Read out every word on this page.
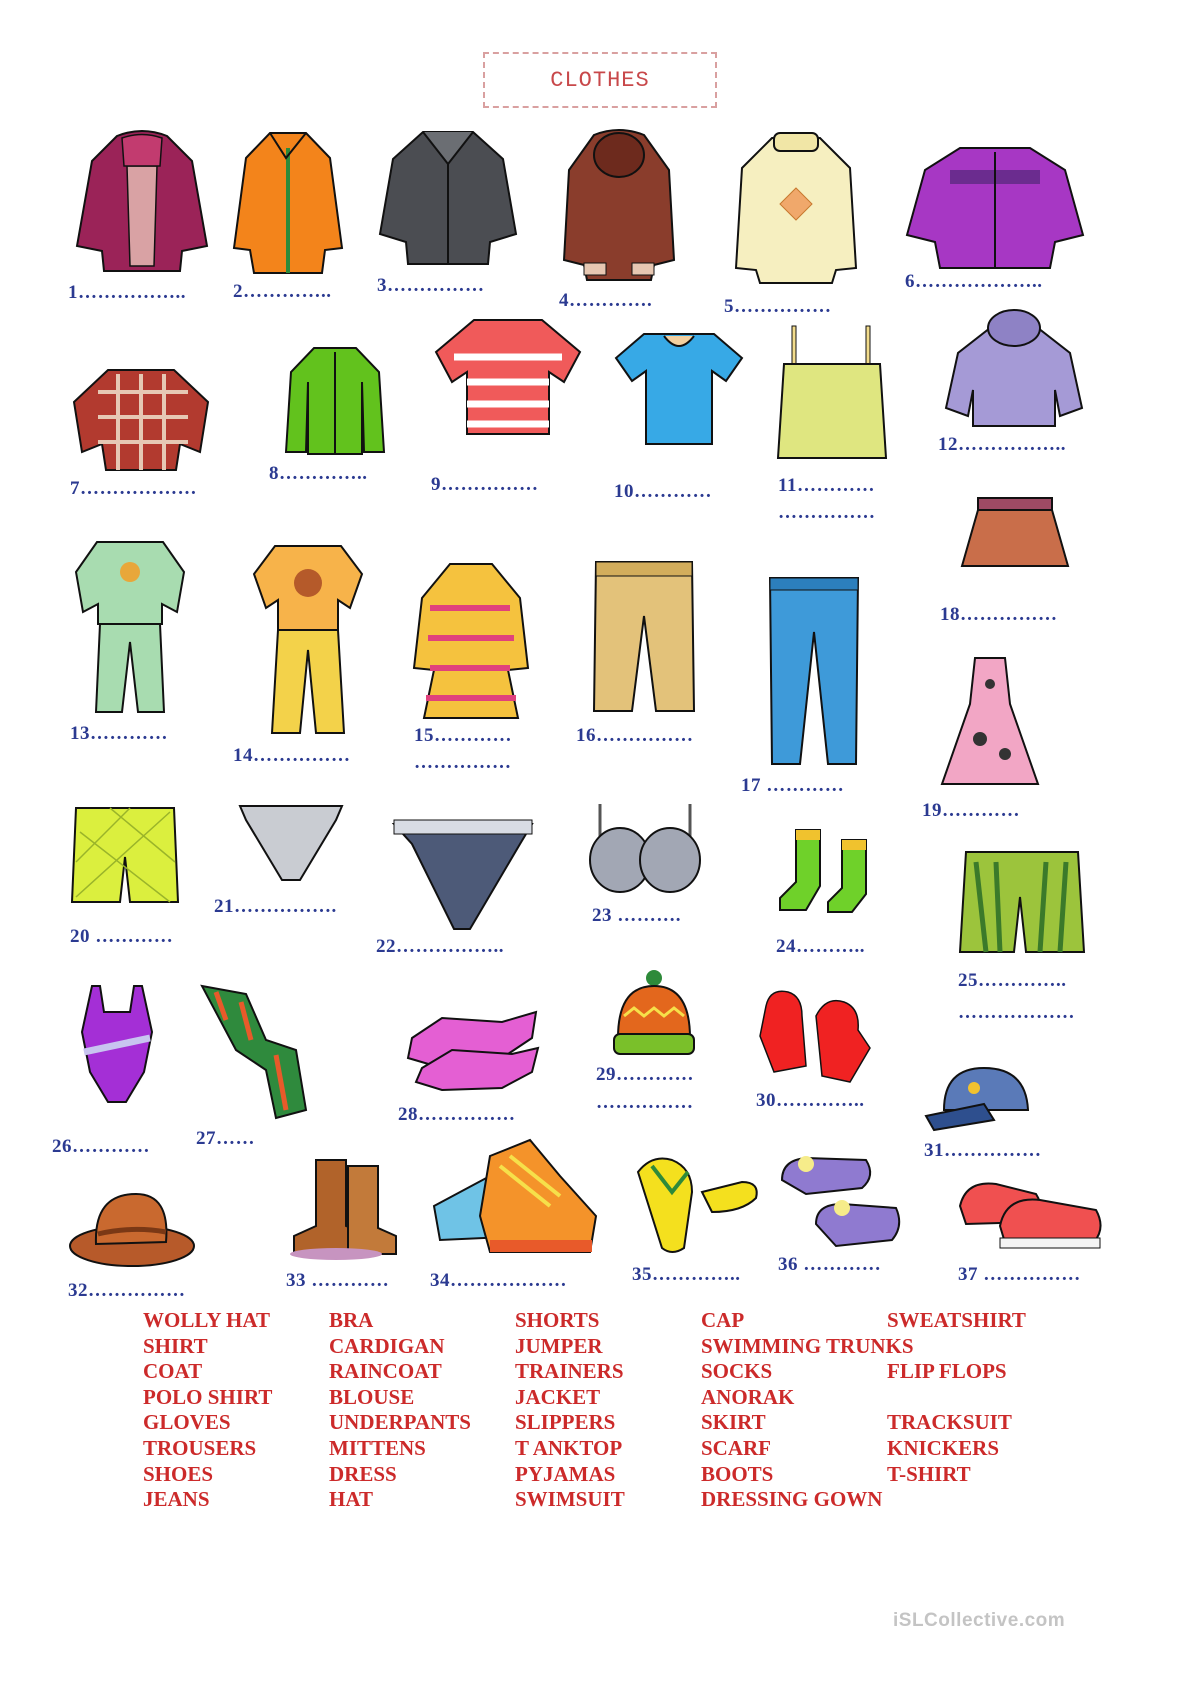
CLOTHES
1…………….. 2………….. 3……………
4………….	5……………
6………………..
7………………
8…………..
9……………	10…………	11…………
……………
12……………..
13…………
14……………
15…………
……………
16……………
17 …………
18……………
19…………
20 …………
21…………….
22……………..
23 ……….
24………..
25…………..
………………
26………… 27……
28……………
29…………
……………	30…………..
31……………
32……………	33 ………… 34………………	35………….. 36 …………	37 ……………
WOLLY HAT
SHIRT
COAT
POLO SHIRT
GLOVES
TROUSERS
SHOES
JEANS
BRA
CARDIGAN
RAINCOAT
BLOUSE
UNDERPANTS
MITTENS
DRESS
HAT
SHORTS
JUMPER
TRAINERS
JACKET
SLIPPERS
T ANKTOP
PYJAMAS
SWIMSUIT
CAP
SWIMMING TRUNKS
SOCKS
ANORAK
SKIRT
SCARF
BOOTS
DRESSING GOWN
SWEATSHIRT
FLIP FLOPS
TRACKSUIT
KNICKERS
T-SHIRT
iSLCollective.com
